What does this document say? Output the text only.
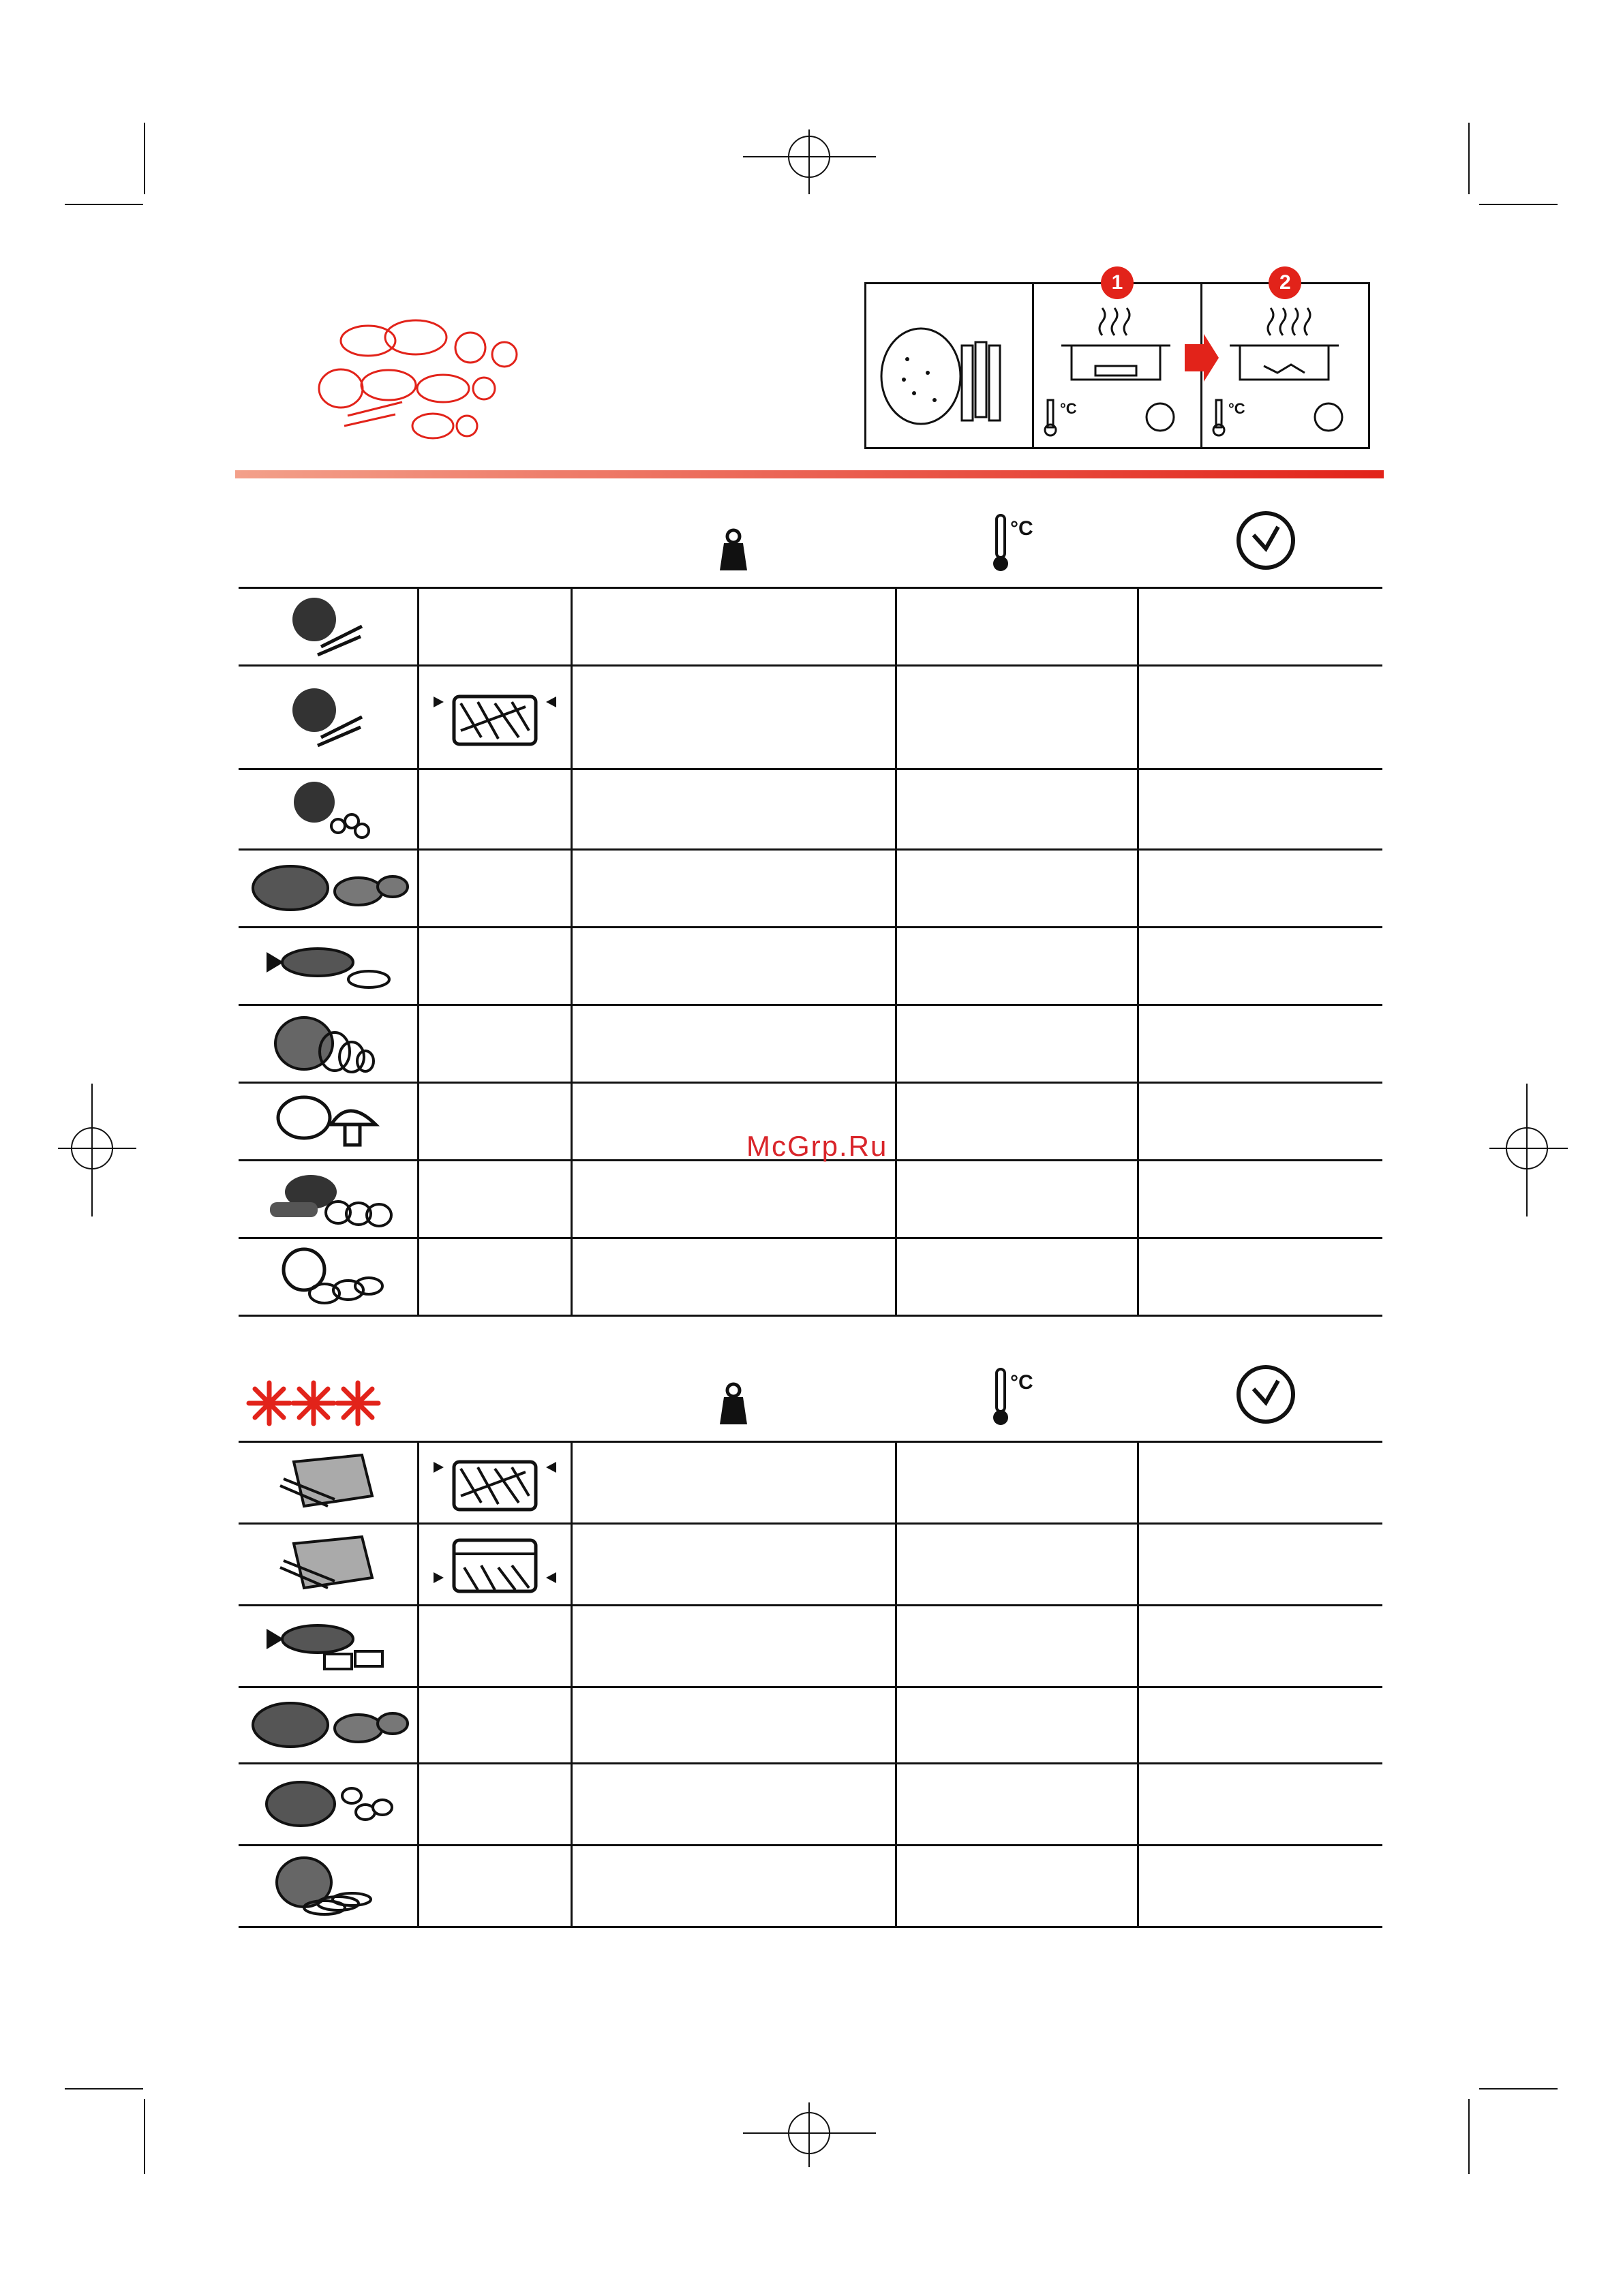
1
°C
2
°C

°C

McGrp.Ru

°C
